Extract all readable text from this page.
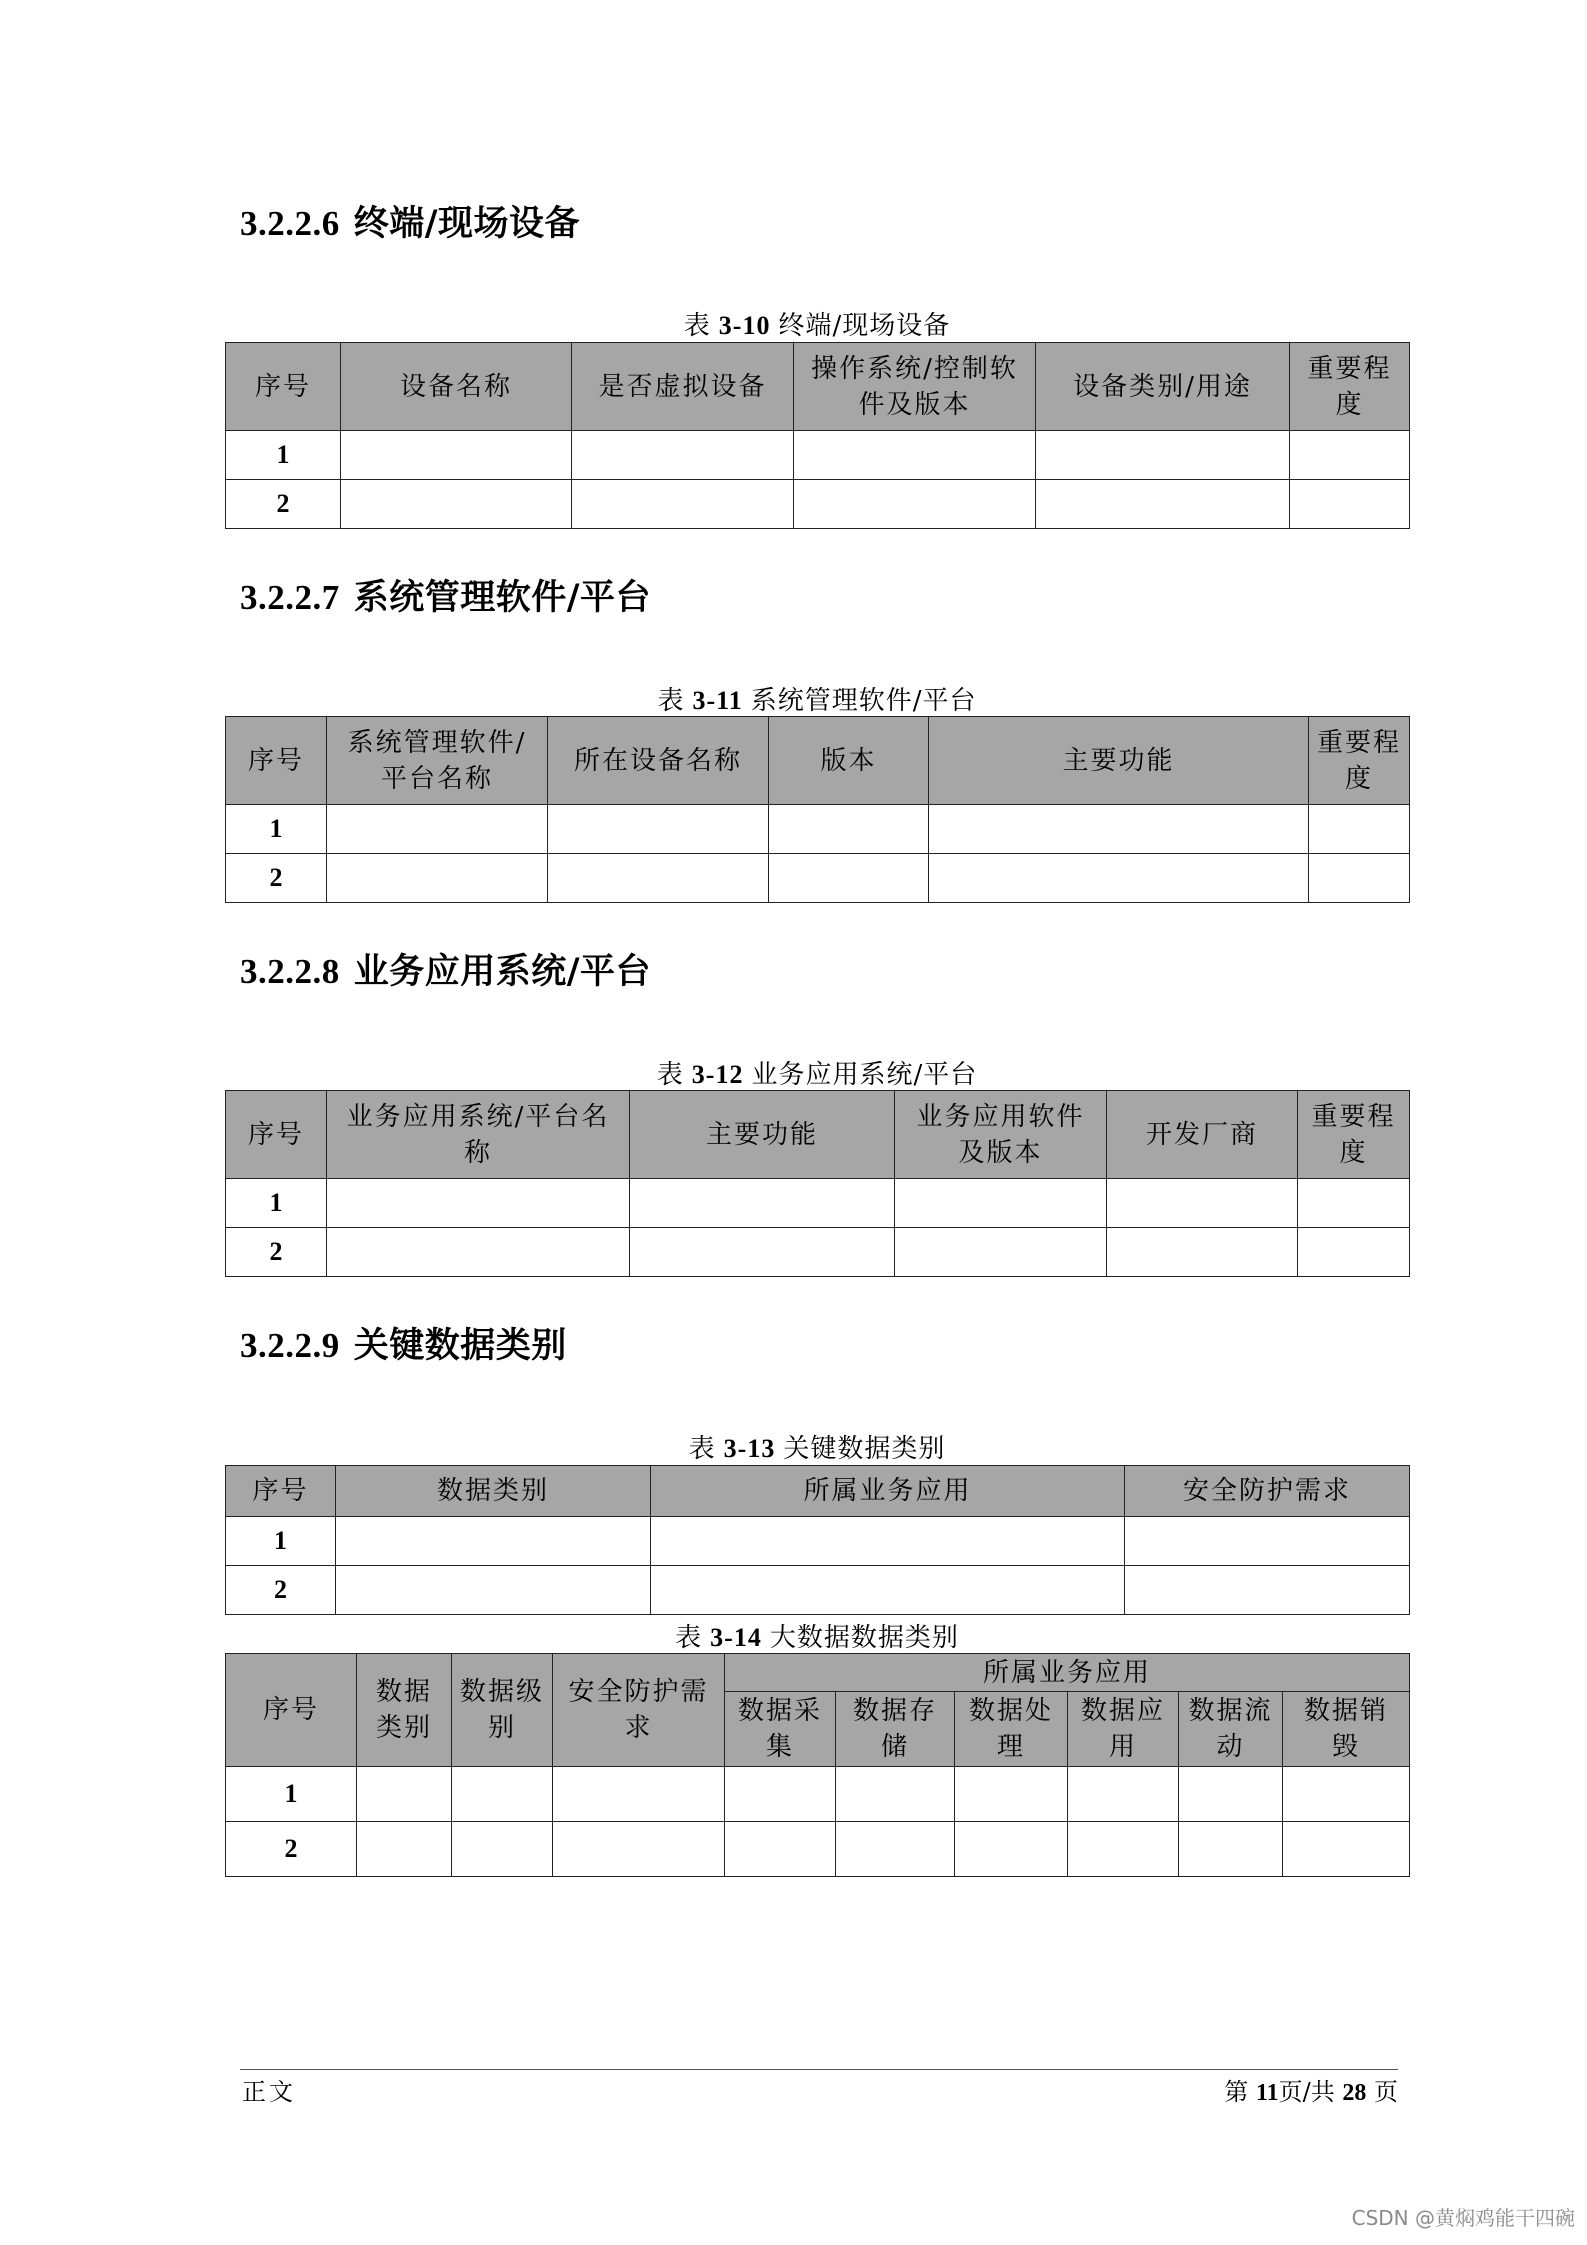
3.2.2.6 终端/现场设备
表 3-10 终端/现场设备
序号	设备名称	是否虚拟设备	操作系统/控制软件及版本	设备类别/用途	重要程度
1					
2					
3.2.2.7 系统管理软件/平台
表 3-11 系统管理软件/平台
序号	系统管理软件/平台名称	所在设备名称	版本	主要功能	重要程度
1					
2					
3.2.2.8 业务应用系统/平台
表 3-12 业务应用系统/平台
序号	业务应用系统/平台名称	主要功能	业务应用软件及版本	开发厂商	重要程度
1					
2					
3.2.2.9 关键数据类别
表 3-13 关键数据类别
序号	数据类别	所属业务应用	安全防护需求
1			
2			
表 3-14 大数据数据类别
序号	数据类别	数据级别	安全防护需求	所属业务应用					
				数据采集	数据存储	数据处理	数据应用	数据流动	数据销毁
1									
2									
正文	第 11页/共 28 页
CSDN @黄焖鸡能干四碗
